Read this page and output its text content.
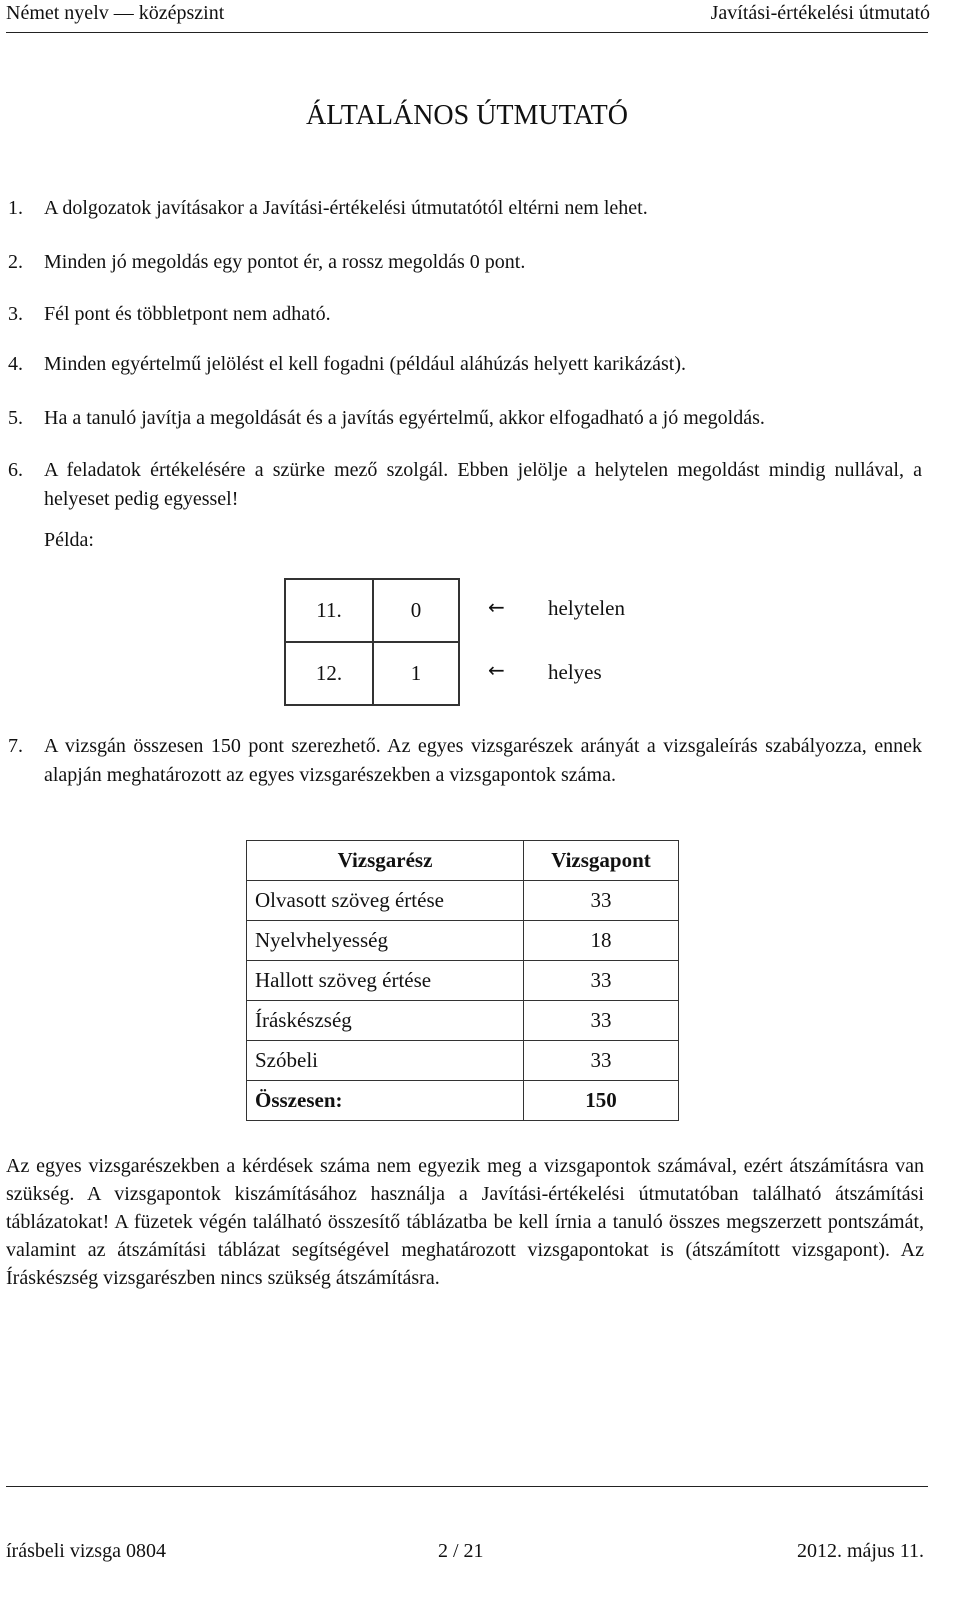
Német nyelv — középszint	Javítási-értékelési útmutató
ÁLTALÁNOS ÚTMUTATÓ
1. A dolgozatok javításakor a Javítási-értékelési útmutatótól eltérni nem lehet.
2. Minden jó megoldás egy pontot ér, a rossz megoldás 0 pont.
3. Fél pont és többletpont nem adható.
4. Minden egyértelmű jelölést el kell fogadni (például aláhúzás helyett karikázást).
5. Ha a tanuló javítja a megoldását és a javítás egyértelmű, akkor elfogadható a jó megoldás.
6.	A feladatok értékelésére a szürke mező szolgál. Ebben jelölje a helytelen megoldást mindig nullával, a helyeset pedig egyessel!
Példa:
11.	0
12.	1
← helytelen
← helyes
7.	A vizsgán összesen 150 pont szerezhető. Az egyes vizsgarészek arányát a vizsgaleírás szabályozza, ennek alapján meghatározott az egyes vizsgarészekben a vizsgapontok száma.
Vizsgarész	Vizsgapont
Olvasott szöveg értése	33
Nyelvhelyesség	18
Hallott szöveg értése	33
Íráskészség	33
Szóbeli	33
Összesen:	150
Az egyes vizsgarészekben a kérdések száma nem egyezik meg a vizsgapontok számával, ezért átszámításra van szükség. A vizsgapontok kiszámításához használja a Javítási-értékelési útmutatóban található átszámítási táblázatokat! A füzetek végén található összesítő táblázatba be kell írnia a tanuló összes megszerzett pontszámát, valamint az átszámítási táblázat segítségével meghatározott vizsgapontokat is (átszámított vizsgapont). Az Íráskészség vizsgarészben nincs szükség átszámításra.
írásbeli vizsga 0804	2 / 21	2012. május 11.
